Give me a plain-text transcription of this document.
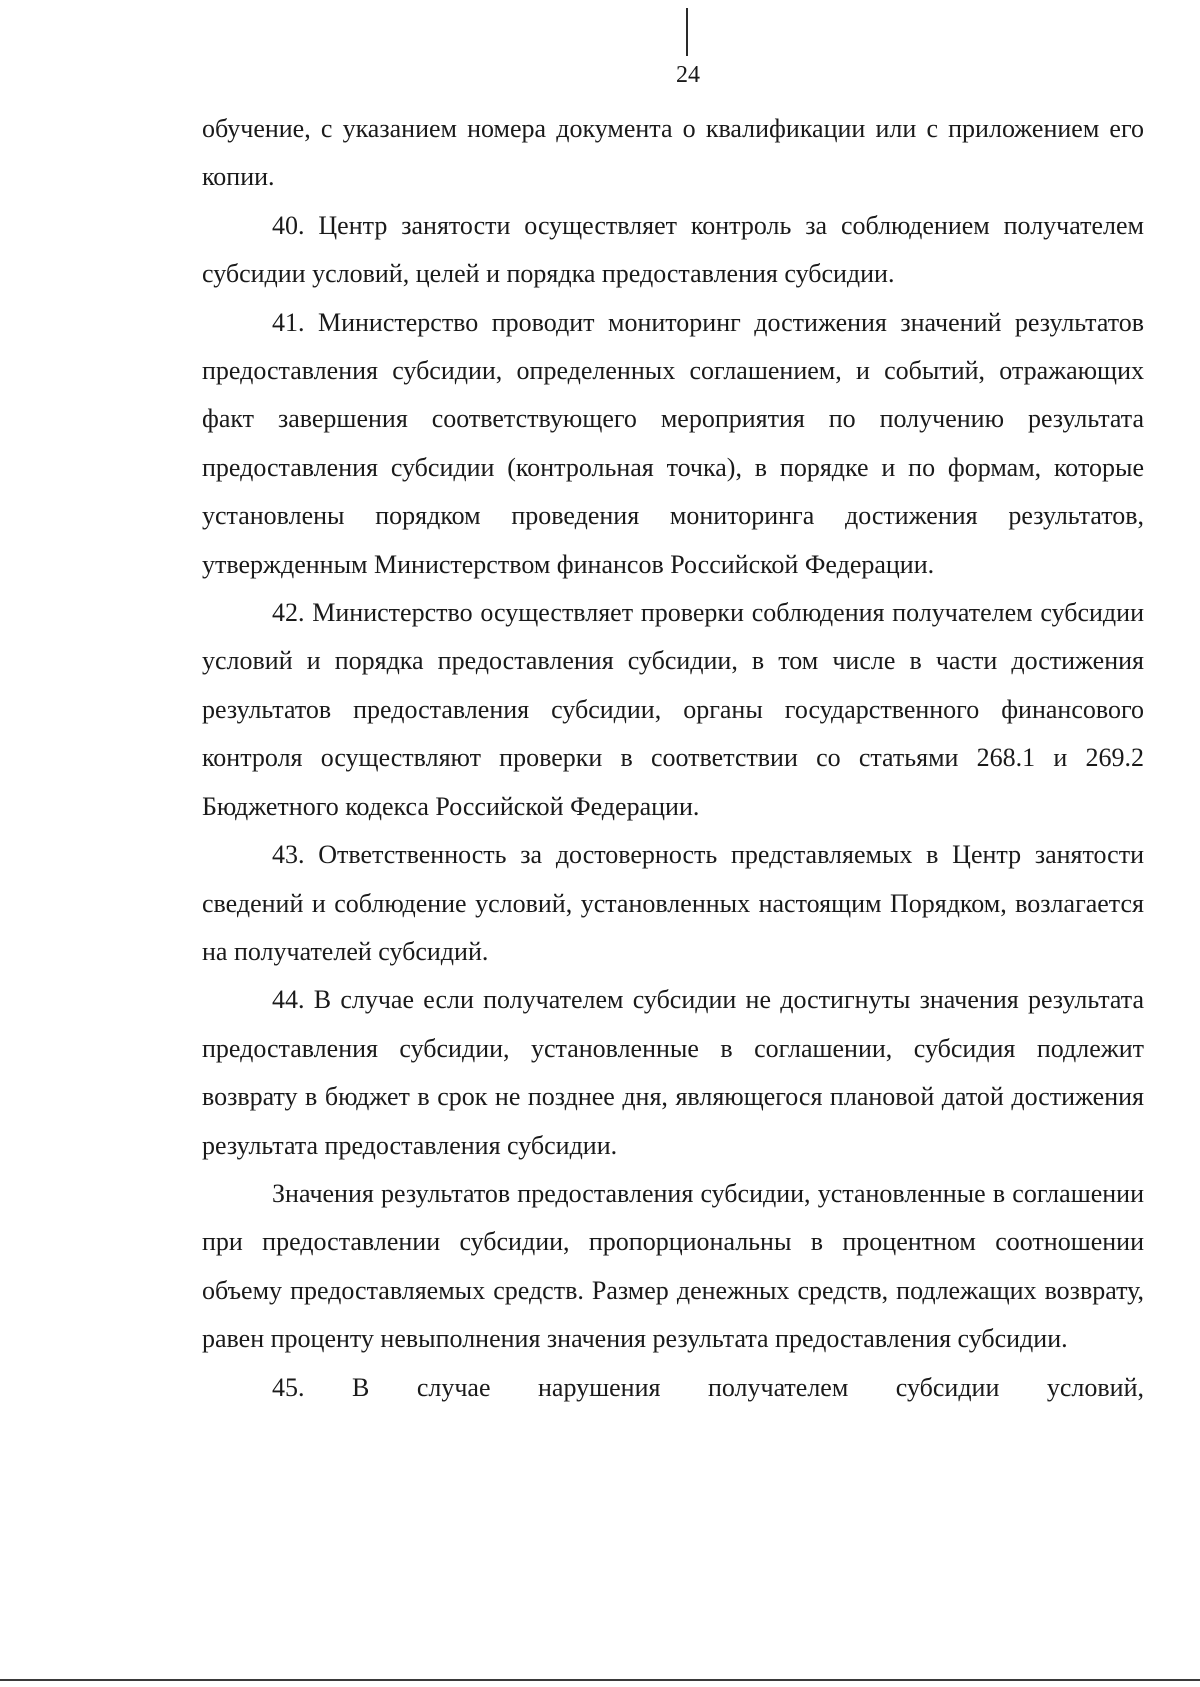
24

обучение, с указанием номера документа о квалификации или с приложением его копии.

40. Центр занятости осуществляет контроль за соблюдением получателем субсидии условий, целей и порядка предоставления субсидии.

41. Министерство проводит мониторинг достижения значений результатов предоставления субсидии, определенных соглашением, и событий, отражающих факт завершения соответствующего мероприятия по получению результата предоставления субсидии (контрольная точка), в порядке и по формам, которые установлены порядком проведения мониторинга достижения результатов, утвержденным Министерством финансов Российской Федерации.

42. Министерство осуществляет проверки соблюдения получателем субсидии условий и порядка предоставления субсидии, в том числе в части достижения результатов предоставления субсидии, органы государственного финансового контроля осуществляют проверки в соответствии со статьями 268.1 и 269.2 Бюджетного кодекса Российской Федерации.

43. Ответственность за достоверность представляемых в Центр занятости сведений и соблюдение условий, установленных настоящим Порядком, возлагается на получателей субсидий.

44. В случае если получателем субсидии не достигнуты значения результата предоставления субсидии, установленные в соглашении, субсидия подлежит возврату в бюджет в срок не позднее дня, являющегося плановой датой достижения результата предоставления субсидии.

Значения результатов предоставления субсидии, установленные в соглашении при предоставлении субсидии, пропорциональны в процентном соотношении объему предоставляемых средств. Размер денежных средств, подлежащих возврату, равен проценту невыполнения значения результата предоставления субсидии.

45. В случае нарушения получателем субсидии условий,
